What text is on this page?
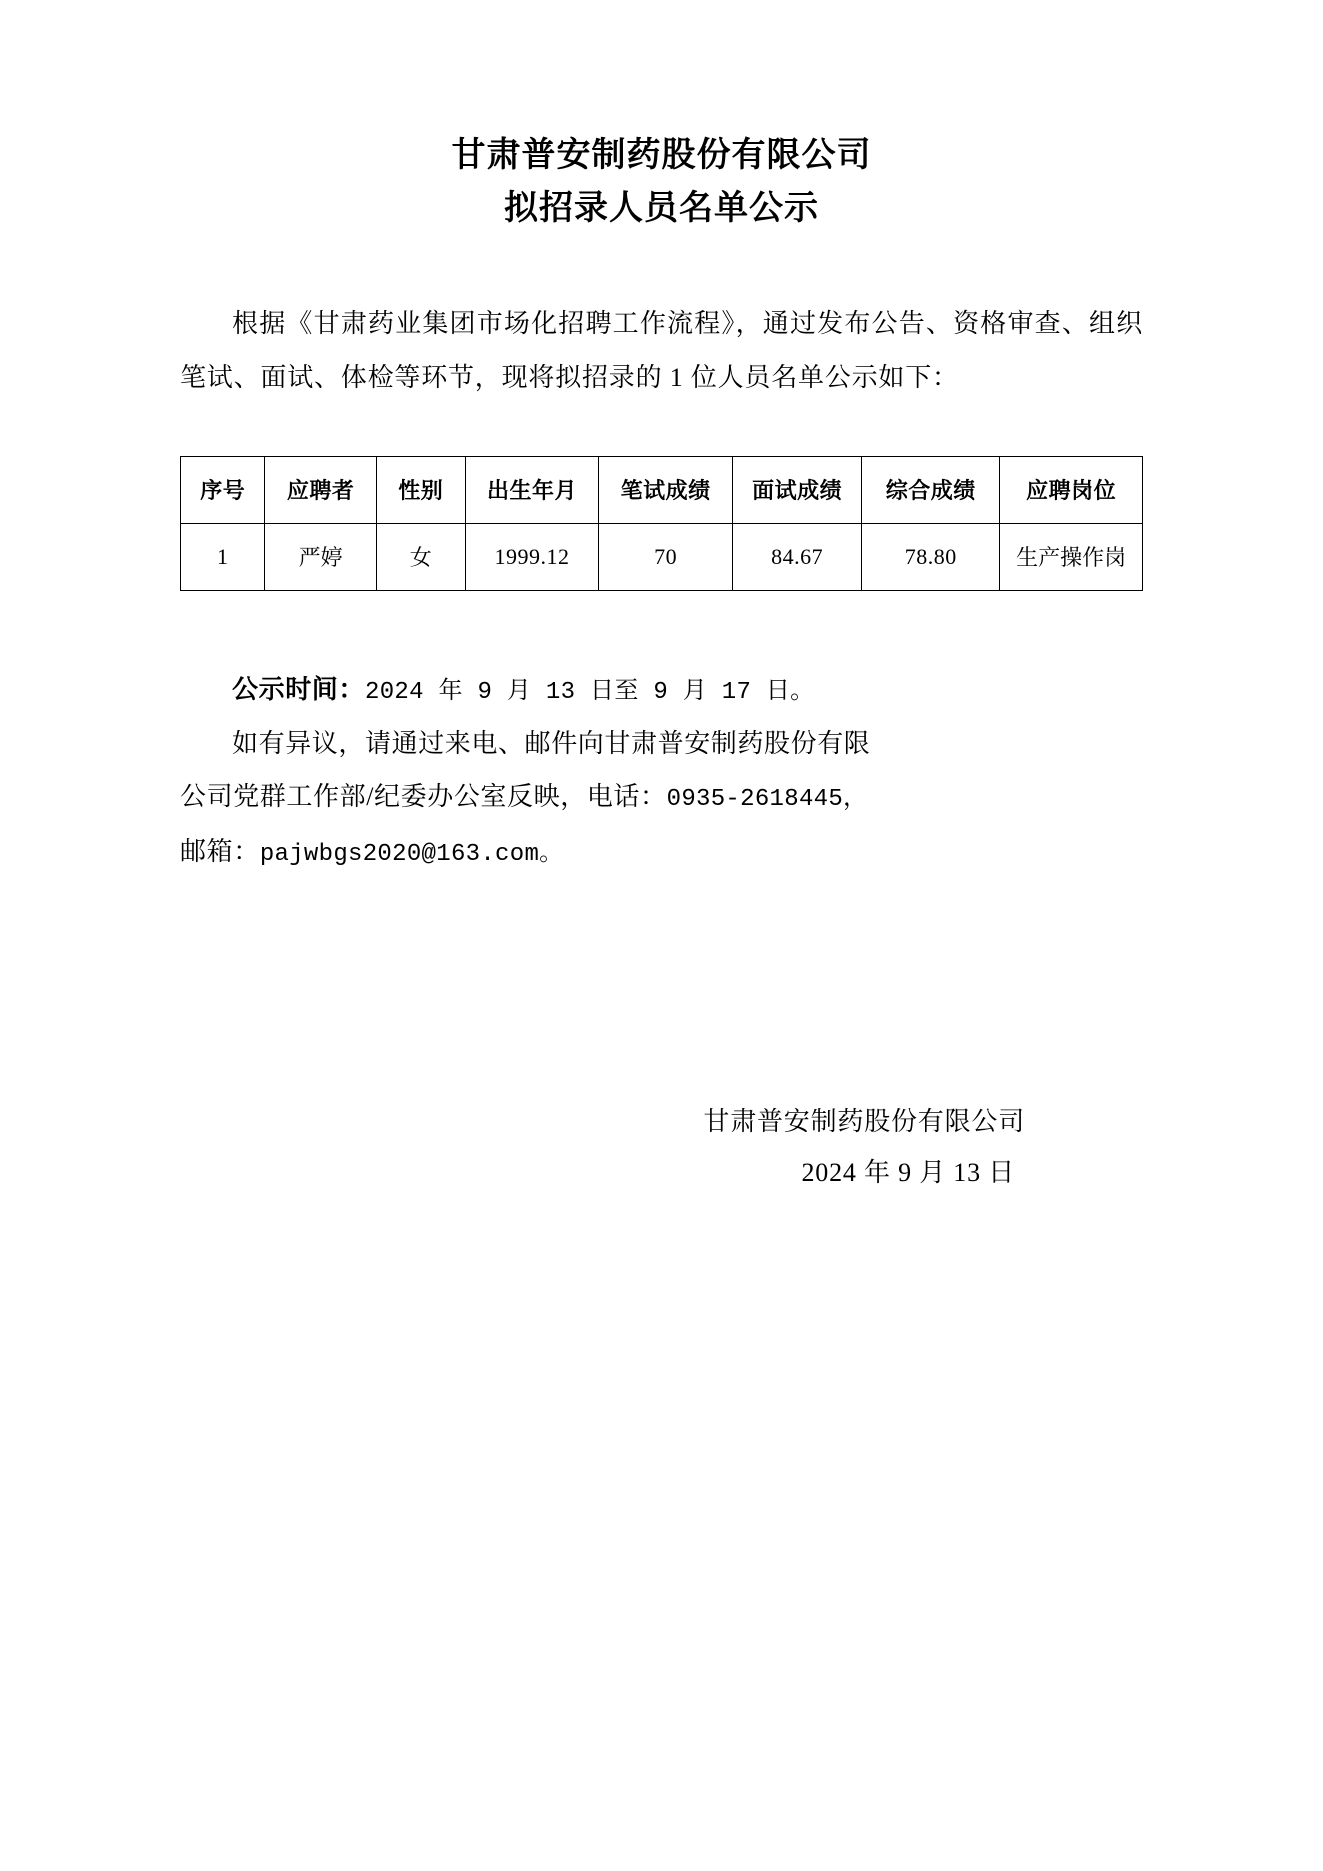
甘肃普安制药股份有限公司
拟招录人员名单公示

根据《甘肃药业集团市场化招聘工作流程》，通过发布公告、资格审查、组织笔试、面试、体检等环节，现将拟招录的 1 位人员名单公示如下：

序号	应聘者	性别	出生年月	笔试成绩	面试成绩	综合成绩	应聘岗位
1	严婷	女	1999.12	70	84.67	78.80	生产操作岗

公示时间：2024 年 9 月 13 日至 9 月 17 日。

如有异议，请通过来电、邮件向甘肃普安制药股份有限

公司党群工作部/纪委办公室反映，电话：0935-2618445，

邮箱：pajwbgs2020@163.com。

甘肃普安制药股份有限公司

2024 年 9 月 13 日
